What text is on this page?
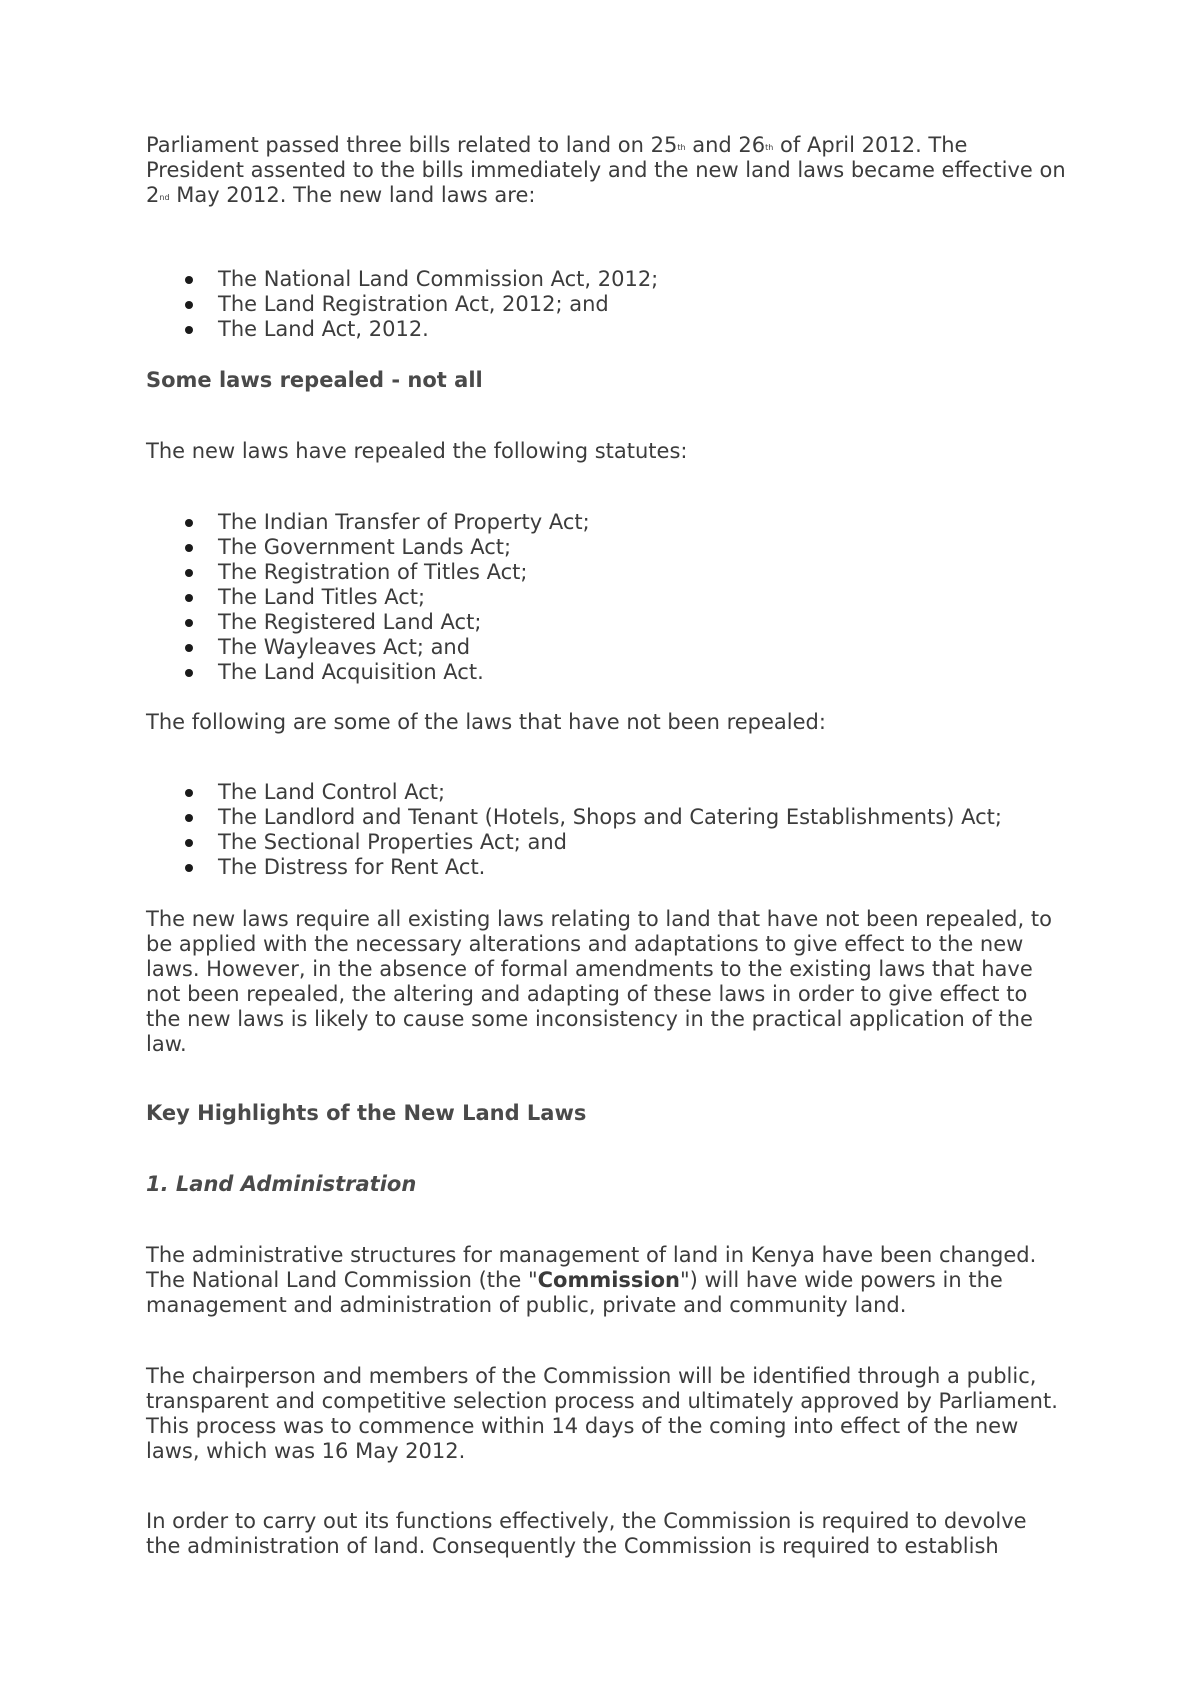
Parliament passed three bills related to land on 25th and 26th of April 2012. The President assented to the bills immediately and the new land laws became effective on 2nd May 2012. The new land laws are:

The National Land Commission Act, 2012;
The Land Registration Act, 2012; and
The Land Act, 2012.
Some laws repealed - not all

The new laws have repealed the following statutes:

The Indian Transfer of Property Act;
The Government Lands Act;
The Registration of Titles Act;
The Land Titles Act;
The Registered Land Act;
The Wayleaves Act; and
The Land Acquisition Act.

The following are some of the laws that have not been repealed:

The Land Control Act;
The Landlord and Tenant (Hotels, Shops and Catering Establishments) Act;
The Sectional Properties Act; and
The Distress for Rent Act.

The new laws require all existing laws relating to land that have not been repealed, to be applied with the necessary alterations and adaptations to give effect to the new laws. However, in the absence of formal amendments to the existing laws that have not been repealed, the altering and adapting of these laws in order to give effect to the new laws is likely to cause some inconsistency in the practical application of the law.

Key Highlights of the New Land Laws
1. Land Administration

The administrative structures for management of land in Kenya have been changed. The National Land Commission (the "Commission") will have wide powers in the management and administration of public, private and community land.

The chairperson and members of the Commission will be identified through a public, transparent and competitive selection process and ultimately approved by Parliament. This process was to commence within 14 days of the coming into effect of the new laws, which was 16 May 2012.

In order to carry out its functions effectively, the Commission is required to devolve the administration of land. Consequently the Commission is required to establish
